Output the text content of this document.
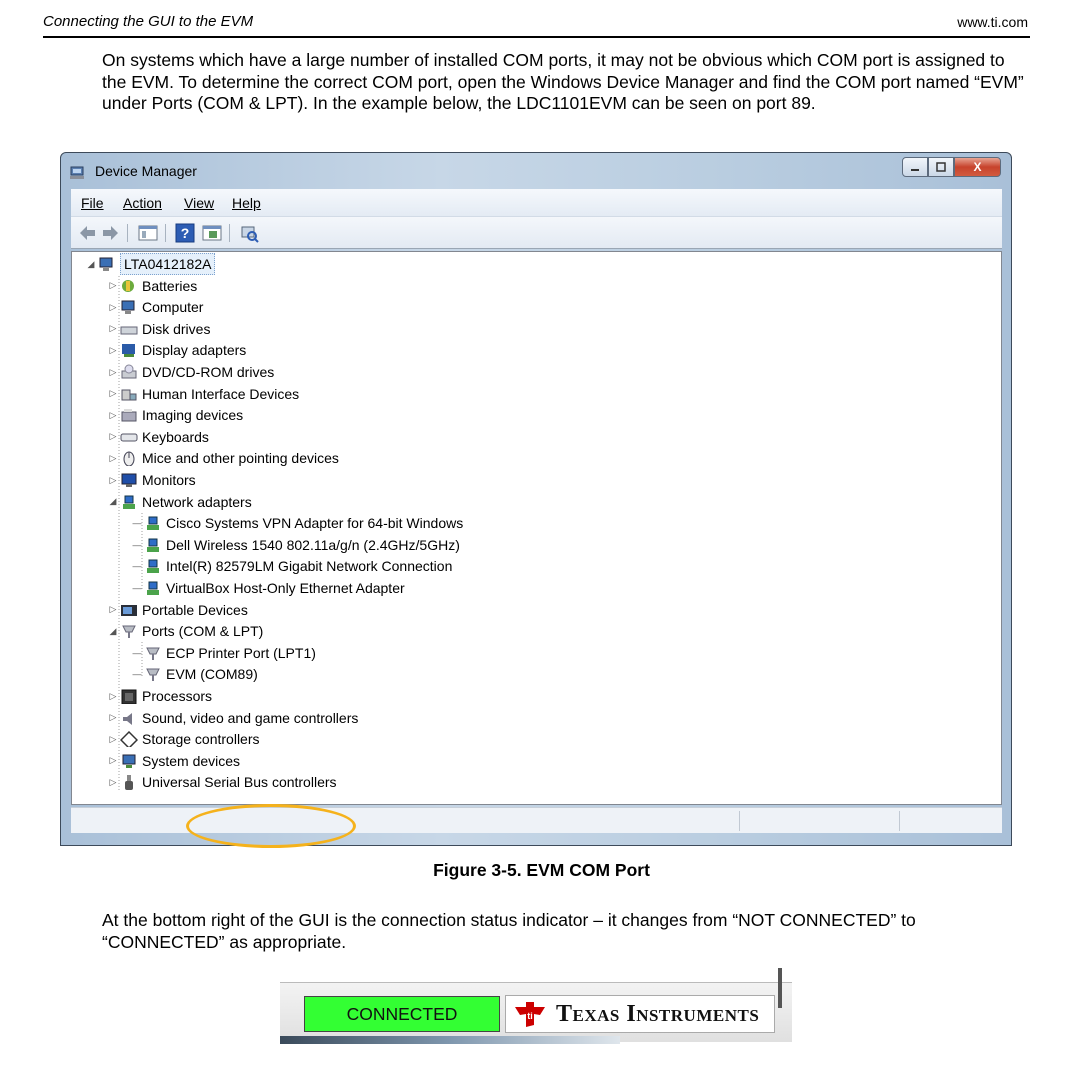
Connecting the GUI to the EVM	www.ti.com
On systems which have a large number of installed COM ports, it may not be obvious which COM port is assigned to the EVM. To determine the correct COM port, open the Windows Device Manager and find the COM port named “EVM” under Ports (COM & LPT). In the example below, the LDC1101EVM can be seen on port 89.
Device Manager	X
File Action View Help
?
◢ LTA0412182A
▷ Batteries
▷ Computer
▷ Disk drives
▷ Display adapters
▷ DVD/CD-ROM drives
▷ Human Interface Devices
▷ Imaging devices
▷ Keyboards
▷ Mice and other pointing devices
▷ Monitors
◢ Network adapters
— Cisco Systems VPN Adapter for 64-bit Windows
— Dell Wireless 1540 802.11a/g/n (2.4GHz/5GHz)
— Intel(R) 82579LM Gigabit Network Connection
— VirtualBox Host-Only Ethernet Adapter
▷ Portable Devices
◢ Ports (COM & LPT)
— ECP Printer Port (LPT1)
— EVM (COM89)
▷ Processors
▷ Sound, video and game controllers
▷ Storage controllers
▷ System devices
▷ Universal Serial Bus controllers
Figure 3-5. EVM COM Port
At the bottom right of the GUI is the connection status indicator – it changes from “NOT CONNECTED” to “CONNECTED” as appropriate.
CONNECTED	ti Texas Instruments
